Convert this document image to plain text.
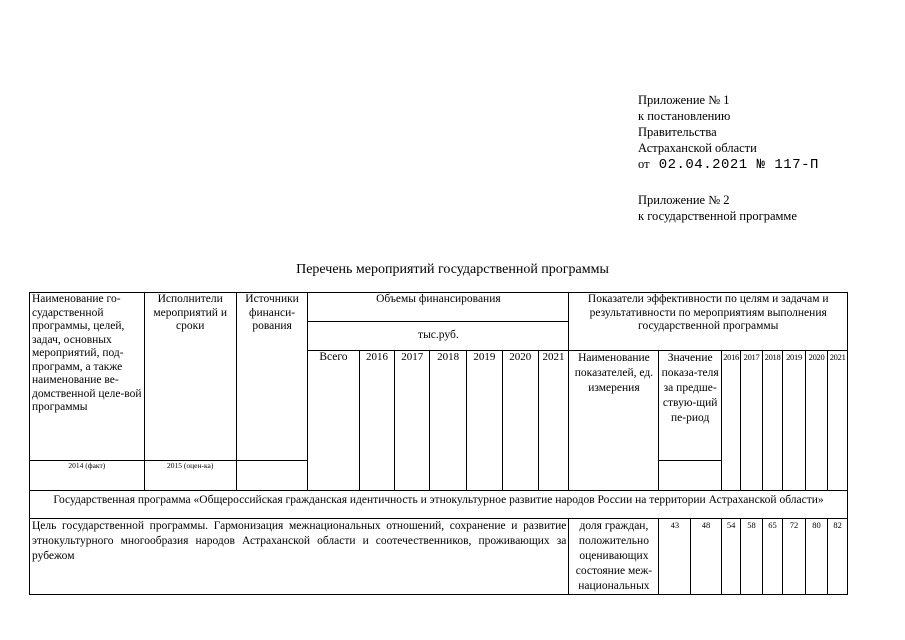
Приложение № 1
к постановлению
Правительства
Астраханской области
от 02.04.2021 № 117-П
Приложение № 2
к государственной программе
Перечень мероприятий государственной программы
Наименование го-сударственной программы, целей, задач, основных мероприятий, под-программ, а также наименование ве-домственной целе-вой программы	Исполнители мероприятий и сроки	Источники финанси-рования	Объемы финансирования							Показатели эффективности по целям и задачам и результативности по мероприятиям выполнения государственной программы								
			тыс.руб.															
			Всего	2016	2017	2018	2019	2020	2021	Наименование показателей, ед. измерения	Значение показа-теля за предше-ствую-щий пе-риод		2016	2017	2018	2019	2020	2021
2014 (факт)	2015 (оцен-ка)																	
Государственная программа «Общероссийская гражданская идентичность и этнокультурное развитие народов России на территории Астраханской области»																		
Цель государственной программы. Гармонизация межнациональных отношений, сохранение и развитие этнокультурного многообразия народов Астраханской области и соотечественников, проживающих за рубежом										доля граждан, положительно оценивающих состояние меж-национальных	43	48	54	58	65	72	80	82
